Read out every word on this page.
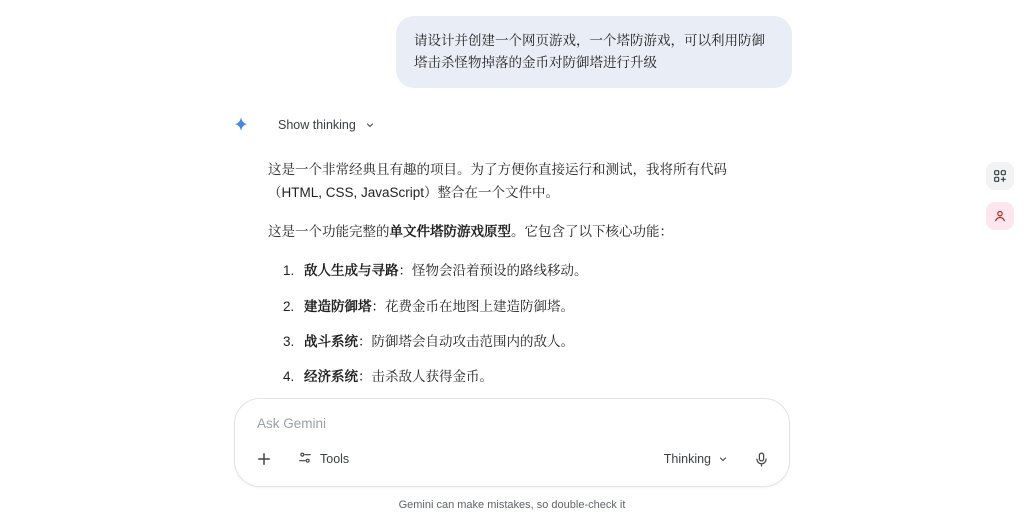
请设计并创建一个网页游戏，一个塔防游戏，可以利用防御塔击杀怪物掉落的金币对防御塔进行升级
Show thinking

这是一个非常经典且有趣的项目。为了方便你直接运行和测试，我将所有代码（HTML, CSS, JavaScript）整合在一个文件中。

这是一个功能完整的单文件塔防游戏原型。它包含了以下核心功能：

1. 敌人生成与寻路：怪物会沿着预设的路线移动。
2. 建造防御塔：花费金币在地图上建造防御塔。
3. 战斗系统：防御塔会自动攻击范围内的敌人。
4. 经济系统：击杀敌人获得金币。
5.
Ask Gemini
Tools	Thinking
Gemini can make mistakes, so double-check it
